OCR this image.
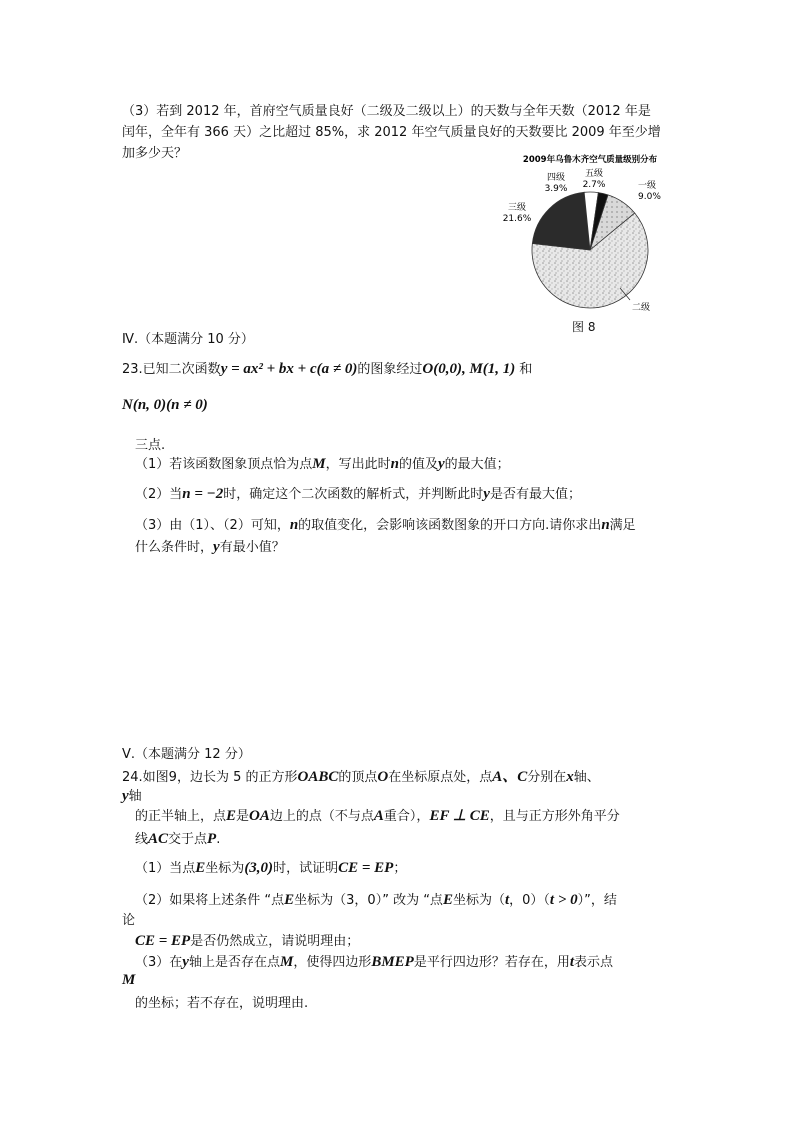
（3）若到 2012 年，首府空气质量良好（二级及二级以上）的天数与全年天数（2012 年是
闰年，全年有 366 天）之比超过 85%，求 2012 年空气质量良好的天数要比 2009 年至少增
加多少天？	2009年乌鲁木齐空气质量级别分布
一级
9.0%
二级
三级
21.6%
四级
3.9%
五级
2.7%
图 8
Ⅳ.（本题满分 10 分）
23.已知二次函数y = ax² + bx + c(a ≠ 0)的图象经过O(0,0), M(1, 1) 和
N(n, 0)(n ≠ 0)
三点.
（1）若该函数图象顶点恰为点M，写出此时n的值及y的最大值；
（2）当n = −2时，确定这个二次函数的解析式，并判断此时y是否有最大值；
（3）由（1）、（2）可知，n的取值变化，会影响该函数图象的开口方向.请你求出n满足
什么条件时，y有最小值？
Ⅴ.（本题满分 12 分）
24.如图9，边长为 5 的正方形OABC的顶点O在坐标原点处，点A、C分别在x轴、
y轴
的正半轴上，点E是OA边上的点（不与点A重合），EF ⊥ CE，且与正方形外角平分
线AC交于点P.
（1）当点E坐标为(3,0)时，试证明CE = EP；
（2）如果将上述条件 “点E坐标为（3，0）” 改为 “点E坐标为（t，0）（t > 0）”，结
论
CE = EP是否仍然成立，请说明理由；
（3）在y轴上是否存在点M，使得四边形BMEP是平行四边形？若存在，用t表示点
M
的坐标；若不存在，说明理由.
